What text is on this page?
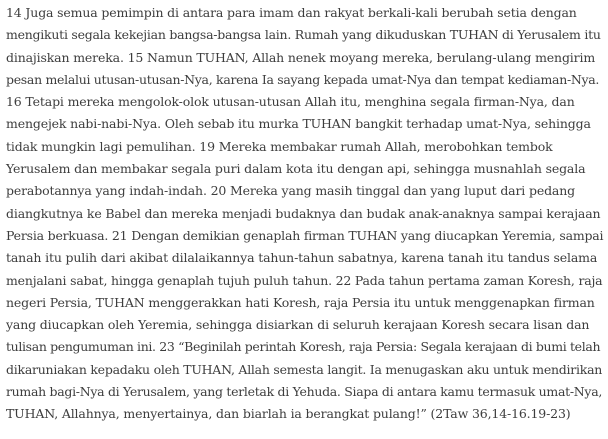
14 Juga semua pemimpin di antara para imam dan rakyat berkali-kali berubah setia dengan
mengikuti segala kekejian bangsa-bangsa lain. Rumah yang dikuduskan TUHAN di Yerusalem itu
dinajiskan mereka. 15 Namun TUHAN, Allah nenek moyang mereka, berulang-ulang mengirim
pesan melalui utusan-utusan-Nya, karena Ia sayang kepada umat-Nya dan tempat kediaman-Nya.
16 Tetapi mereka mengolok-olok utusan-utusan Allah itu, menghina segala firman-Nya, dan
mengejek nabi-nabi-Nya. Oleh sebab itu murka TUHAN bangkit terhadap umat-Nya, sehingga
tidak mungkin lagi pemulihan. 19 Mereka membakar rumah Allah, merobohkan tembok
Yerusalem dan membakar segala puri dalam kota itu dengan api, sehingga musnahlah segala
perabotannya yang indah-indah. 20 Mereka yang masih tinggal dan yang luput dari pedang
diangkutnya ke Babel dan mereka menjadi budaknya dan budak anak-anaknya sampai kerajaan
Persia berkuasa. 21 Dengan demikian genaplah firman TUHAN yang diucapkan Yeremia, sampai
tanah itu pulih dari akibat dilalaikannya tahun-tahun sabatnya, karena tanah itu tandus selama
menjalani sabat, hingga genaplah tujuh puluh tahun. 22 Pada tahun pertama zaman Koresh, raja
negeri Persia, TUHAN menggerakkan hati Koresh, raja Persia itu untuk menggenapkan firman
yang diucapkan oleh Yeremia, sehingga disiarkan di seluruh kerajaan Koresh secara lisan dan
tulisan pengumuman ini. 23 “Beginilah perintah Koresh, raja Persia: Segala kerajaan di bumi telah
dikaruniakan kepadaku oleh TUHAN, Allah semesta langit. Ia menugaskan aku untuk mendirikan
rumah bagi-Nya di Yerusalem, yang terletak di Yehuda. Siapa di antara kamu termasuk umat-Nya,
TUHAN, Allahnya, menyertainya, dan biarlah ia berangkat pulang!” (2Taw 36,14-16.19-23)
